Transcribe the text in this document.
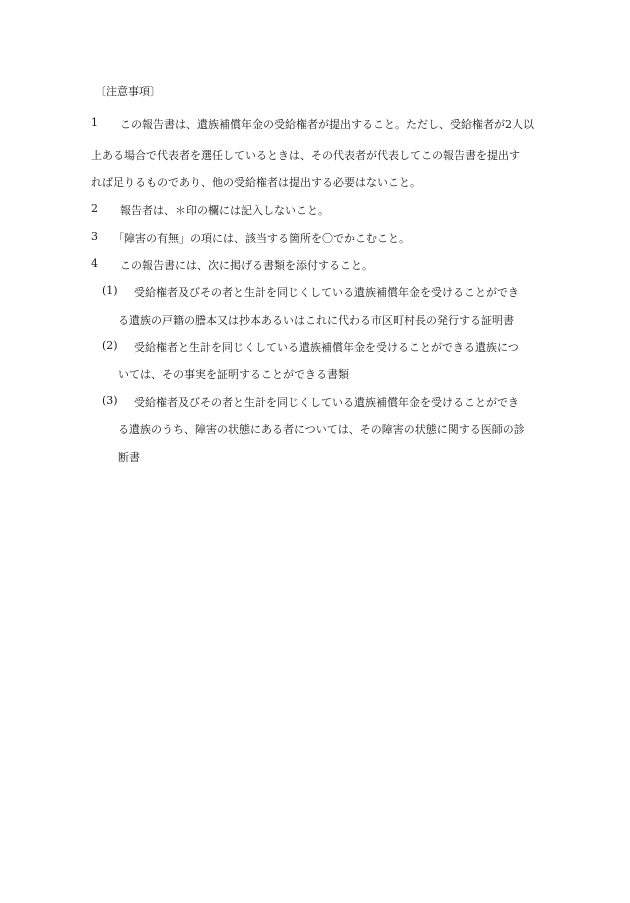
〔注意事項〕
1 この報告書は、遺族補償年金の受給権者が提出すること。ただし、受給権者が2人以
上ある場合で代表者を選任しているときは、その代表者が代表してこの報告書を提出す
れば足りるものであり、他の受給権者は提出する必要はないこと。
2 報告者は、＊印の欄には記入しないこと。
3 「障害の有無」の項には、該当する箇所を〇でかこむこと。
4 この報告書には、次に掲げる書類を添付すること。
(1) 受給権者及びその者と生計を同じくしている遺族補償年金を受けることができ
る遺族の戸籍の謄本又は抄本あるいはこれに代わる市区町村長の発行する証明書
(2) 受給権者と生計を同じくしている遺族補償年金を受けることができる遺族につ
いては、その事実を証明することができる書類
(3) 受給権者及びその者と生計を同じくしている遺族補償年金を受けることができ
る遺族のうち、障害の状態にある者については、その障害の状態に関する医師の診
断書
